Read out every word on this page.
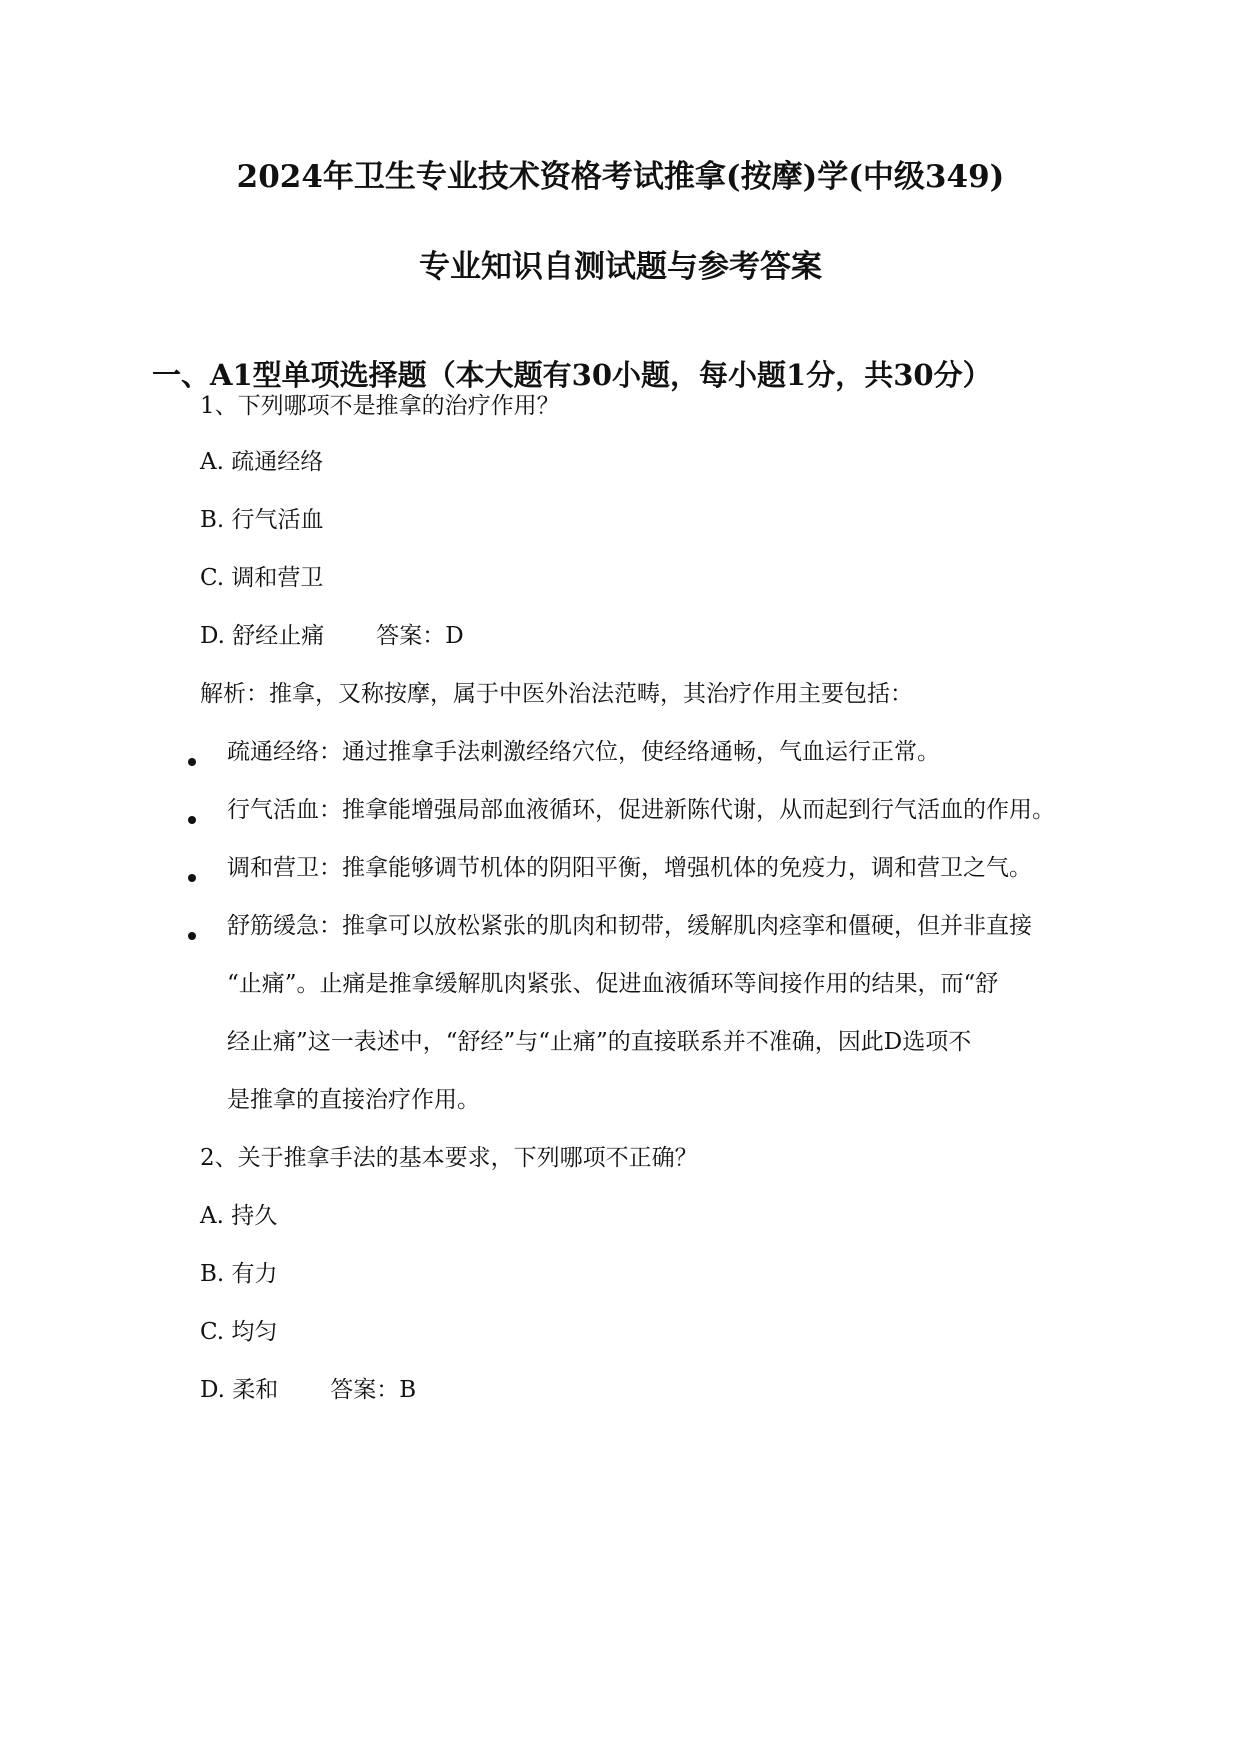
2024年卫生专业技术资格考试推拿(按摩)学(中级349)
专业知识自测试题与参考答案
一、A1型单项选择题（本大题有30小题，每小题1分，共30分）
1、下列哪项不是推拿的治疗作用？
A. 疏通经络
B. 行气活血
C. 调和营卫
D. 舒经止痛 答案：D
解析：推拿，又称按摩，属于中医外治法范畴，其治疗作用主要包括：
疏通经络：通过推拿手法刺激经络穴位，使经络通畅，气血运行正常。
行气活血：推拿能增强局部血液循环，促进新陈代谢，从而起到行气活血的作用。
调和营卫：推拿能够调节机体的阴阳平衡，增强机体的免疫力，调和营卫之气。
舒筋缓急：推拿可以放松紧张的肌肉和韧带，缓解肌肉痉挛和僵硬，但并非直接
“止痛”。止痛是推拿缓解肌肉紧张、促进血液循环等间接作用的结果，而“舒
经止痛”这一表述中，“舒经”与“止痛”的直接联系并不准确，因此D选项不
是推拿的直接治疗作用。
2、关于推拿手法的基本要求，下列哪项不正确？
A. 持久
B. 有力
C. 均匀
D. 柔和 答案：B
